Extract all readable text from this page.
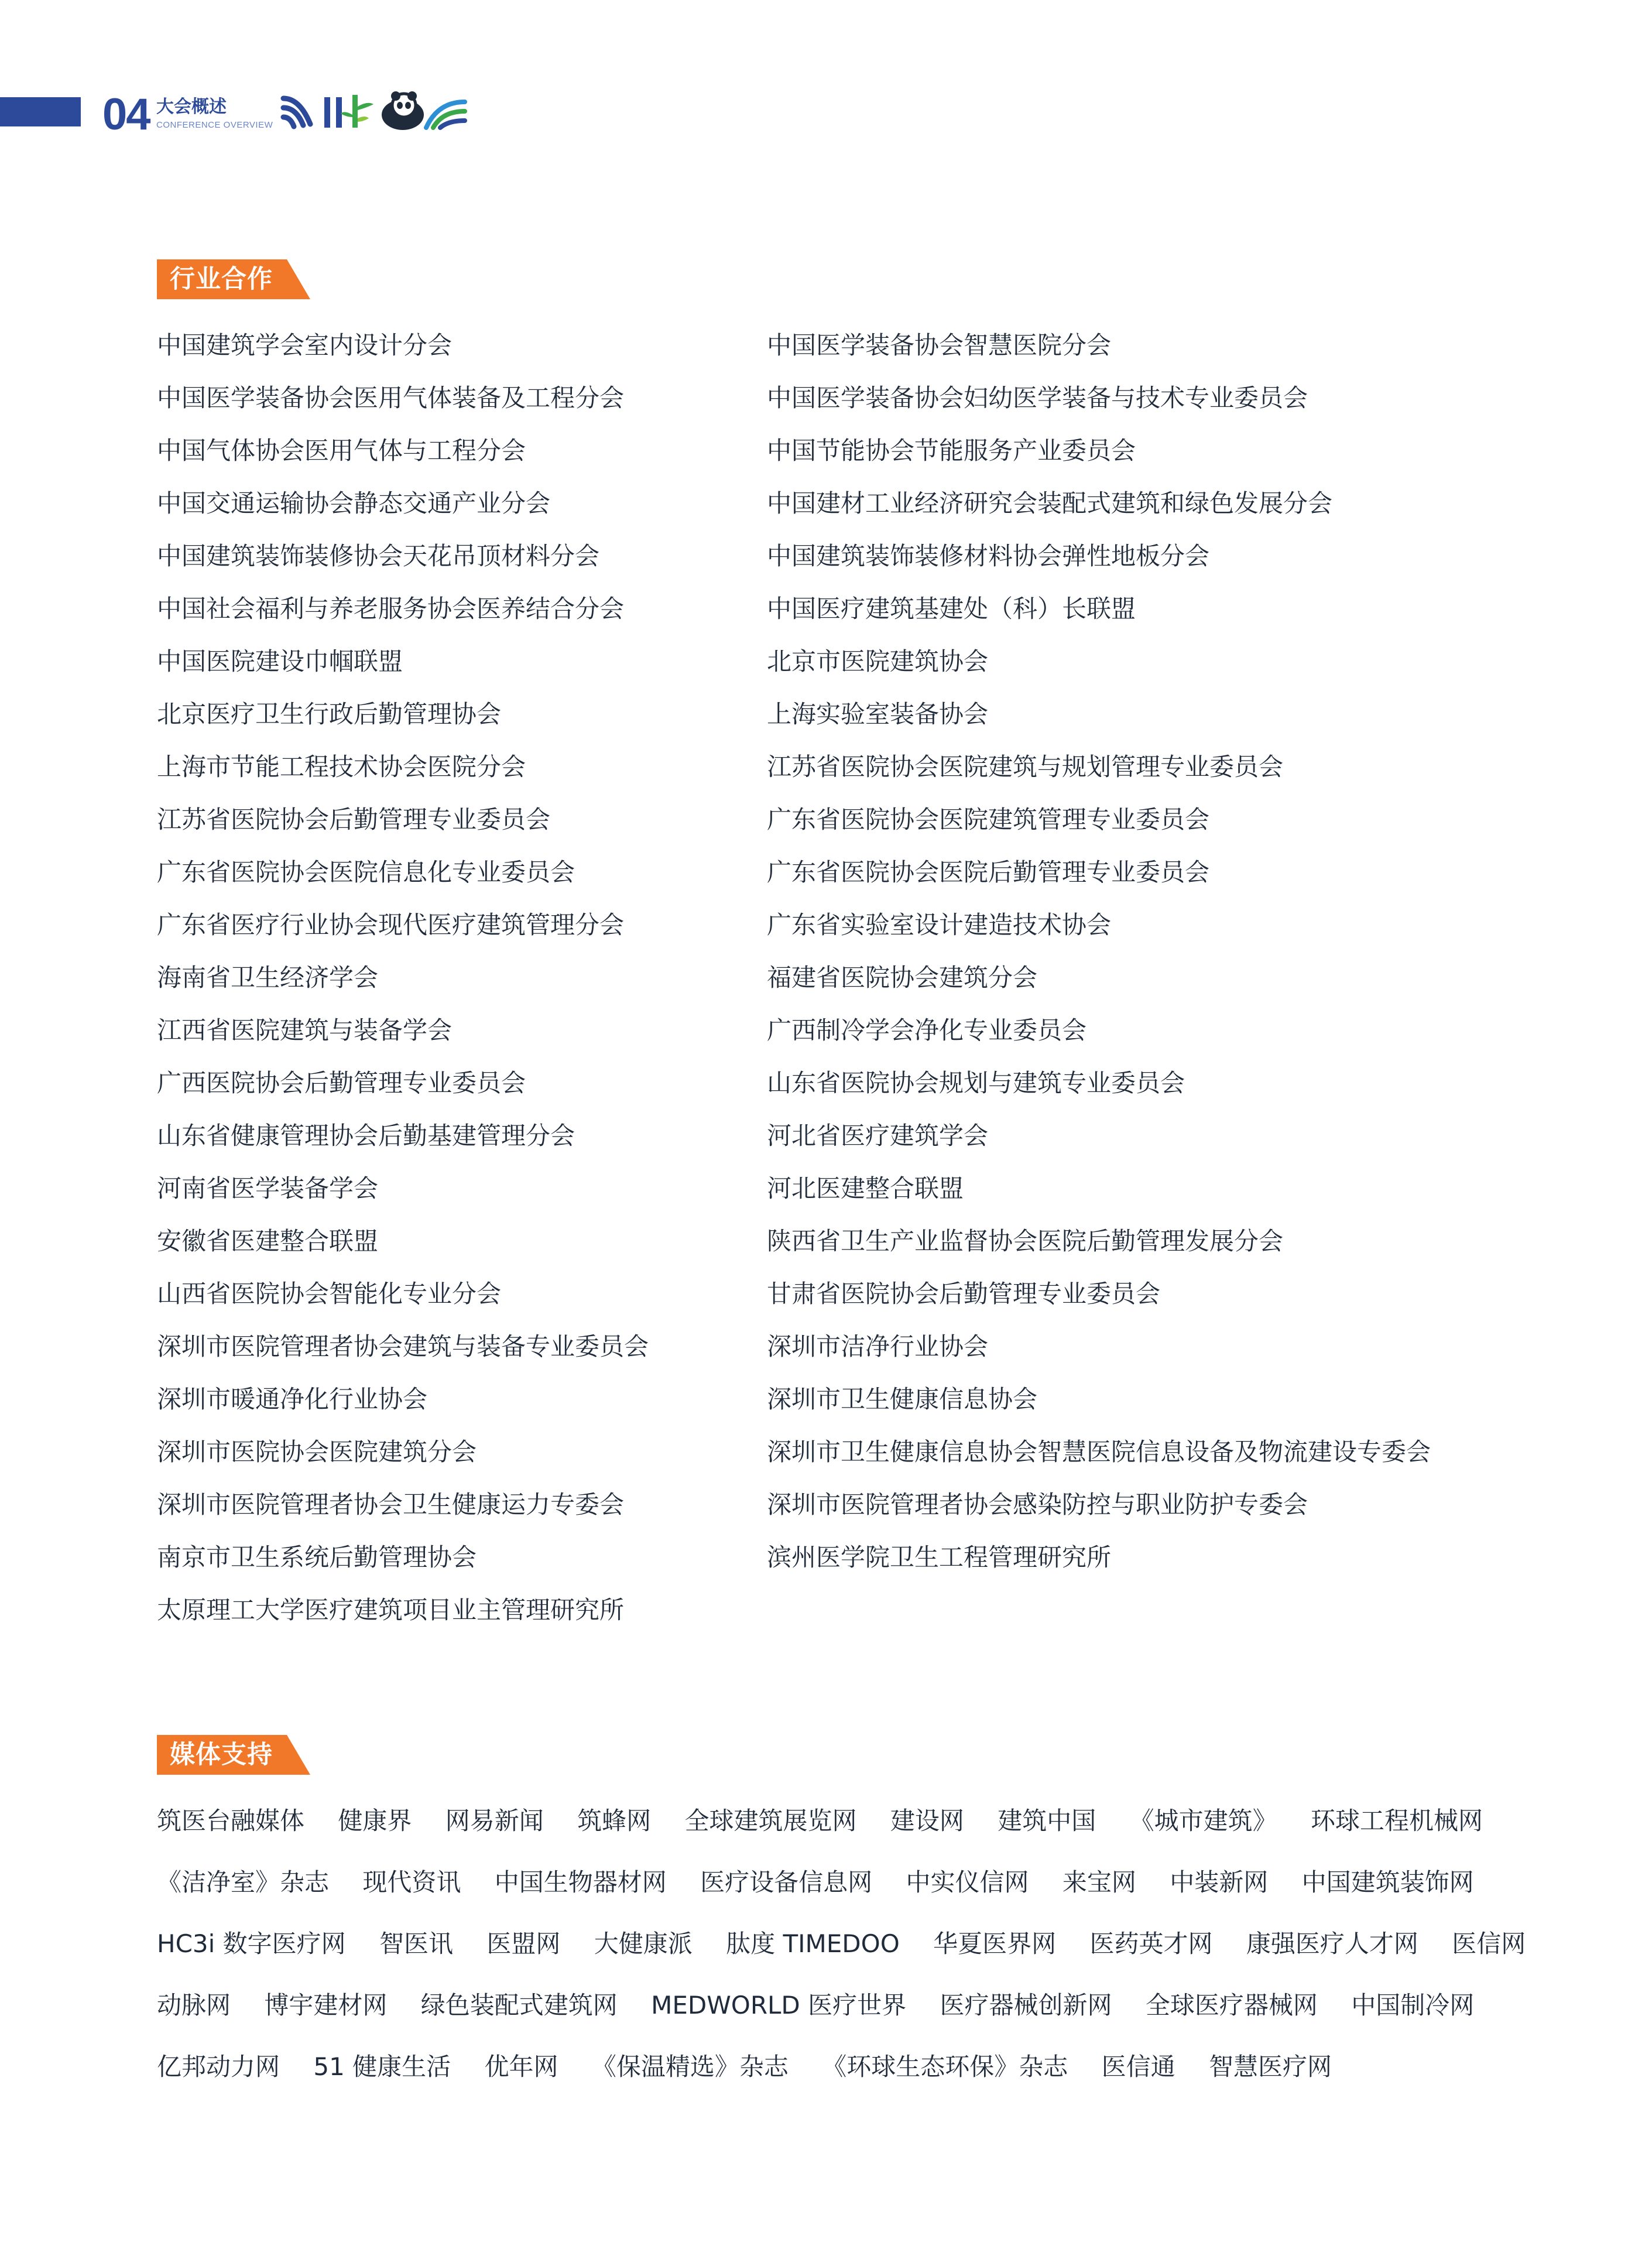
04 大会概述
CONFERENCE OVERVIEW
行业合作
中国建筑学会室内设计分会
中国医学装备协会医用气体装备及工程分会
中国气体协会医用气体与工程分会
中国交通运输协会静态交通产业分会
中国建筑装饰装修协会天花吊顶材料分会
中国社会福利与养老服务协会医养结合分会
中国医院建设巾帼联盟
北京医疗卫生行政后勤管理协会
上海市节能工程技术协会医院分会
江苏省医院协会后勤管理专业委员会
广东省医院协会医院信息化专业委员会
广东省医疗行业协会现代医疗建筑管理分会
海南省卫生经济学会
江西省医院建筑与装备学会
广西医院协会后勤管理专业委员会
山东省健康管理协会后勤基建管理分会
河南省医学装备学会
安徽省医建整合联盟
山西省医院协会智能化专业分会
深圳市医院管理者协会建筑与装备专业委员会
深圳市暖通净化行业协会
深圳市医院协会医院建筑分会
深圳市医院管理者协会卫生健康运力专委会
南京市卫生系统后勤管理协会
太原理工大学医疗建筑项目业主管理研究所
中国医学装备协会智慧医院分会
中国医学装备协会妇幼医学装备与技术专业委员会
中国节能协会节能服务产业委员会
中国建材工业经济研究会装配式建筑和绿色发展分会
中国建筑装饰装修材料协会弹性地板分会
中国医疗建筑基建处（科）长联盟
北京市医院建筑协会
上海实验室装备协会
江苏省医院协会医院建筑与规划管理专业委员会
广东省医院协会医院建筑管理专业委员会
广东省医院协会医院后勤管理专业委员会
广东省实验室设计建造技术协会
福建省医院协会建筑分会
广西制冷学会净化专业委员会
山东省医院协会规划与建筑专业委员会
河北省医疗建筑学会
河北医建整合联盟
陕西省卫生产业监督协会医院后勤管理发展分会
甘肃省医院协会后勤管理专业委员会
深圳市洁净行业协会
深圳市卫生健康信息协会
深圳市卫生健康信息协会智慧医院信息设备及物流建设专委会
深圳市医院管理者协会感染防控与职业防护专委会
滨州医学院卫生工程管理研究所
媒体支持
筑医台融媒体 健康界 网易新闻 筑蜂网 全球建筑展览网 建设网 建筑中国 《城市建筑》 环球工程机械网
《洁净室》杂志 现代资讯 中国生物器材网 医疗设备信息网 中实仪信网 来宝网 中装新网 中国建筑装饰网
HC3i 数字医疗网 智医讯 医盟网 大健康派 肽度 TIMEDOO 华夏医界网 医药英才网 康强医疗人才网 医信网
动脉网 博宇建材网 绿色装配式建筑网 MEDWORLD 医疗世界 医疗器械创新网 全球医疗器械网 中国制冷网
亿邦动力网 51 健康生活 优年网 《保温精选》杂志 《环球生态环保》杂志 医信通 智慧医疗网
